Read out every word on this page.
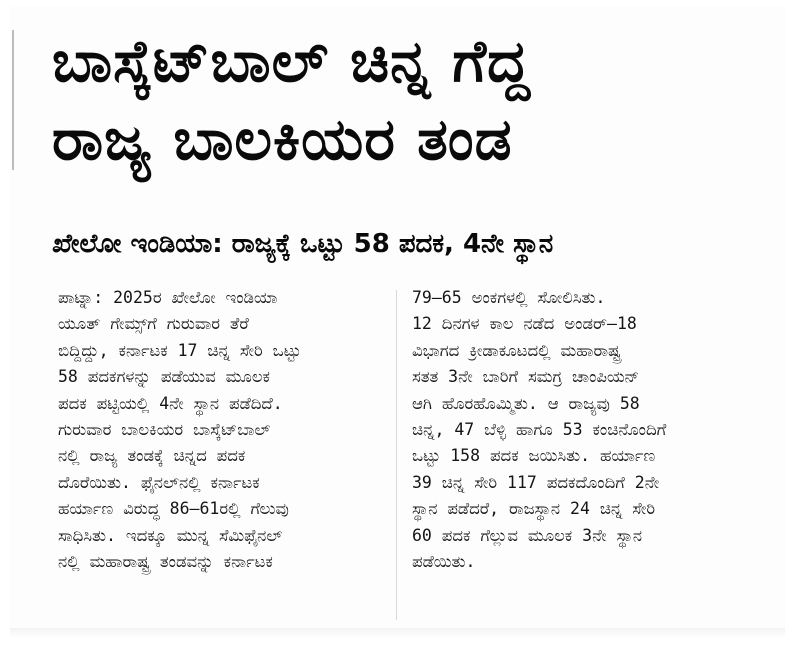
ಬಾಸ್ಕೆಟ್‌ಬಾಲ್ ಚಿನ್ನ ಗೆದ್ದ
ರಾಜ್ಯ ಬಾಲಕಿಯರ ತಂಡ
ಖೇಲೋ ಇಂಡಿಯಾ: ರಾಜ್ಯಕ್ಕೆ ಒಟ್ಟು 58 ಪದಕ, 4ನೇ ಸ್ಥಾನ
ಪಾಟ್ನಾ: 2025ರ ಖೇಲೋ ಇಂಡಿಯಾ
ಯೂತ್ ಗೇಮ್ಸ್‌ಗೆ ಗುರುವಾರ ತೆರೆ
ಬಿದ್ದಿದ್ದು, ಕರ್ನಾಟಕ 17 ಚಿನ್ನ ಸೇರಿ ಒಟ್ಟು
58 ಪದಕಗಳನ್ನು ಪಡೆಯುವ ಮೂಲಕ
ಪದಕ ಪಟ್ಟಿಯಲ್ಲಿ 4ನೇ ಸ್ಥಾನ ಪಡೆದಿದೆ.
ಗುರುವಾರ ಬಾಲಕಿಯರ ಬಾಸ್ಕೆಟ್‌ಬಾಲ್
ನಲ್ಲಿ ರಾಜ್ಯ ತಂಡಕ್ಕೆ ಚಿನ್ನದ ಪದಕ
ದೊರೆಯಿತು. ಫೈನಲ್‌ನಲ್ಲಿ ಕರ್ನಾಟಕ
ಹರ್ಯಾಣ ವಿರುದ್ಧ 86–61ರಲ್ಲಿ ಗೆಲುವು
ಸಾಧಿಸಿತು. ಇದಕ್ಕೂ ಮುನ್ನ ಸೆಮಿಫೈನಲ್
ನಲ್ಲಿ ಮಹಾರಾಷ್ಟ್ರ ತಂಡವನ್ನು ಕರ್ನಾಟಕ
79–65 ಅಂಕಗಳಲ್ಲಿ ಸೋಲಿಸಿತು.
12 ದಿನಗಳ ಕಾಲ ನಡೆದ ಅಂಡರ್–18
ವಿಭಾಗದ ಕ್ರೀಡಾಕೂಟದಲ್ಲಿ ಮಹಾರಾಷ್ಟ್ರ
ಸತತ 3ನೇ ಬಾರಿಗೆ ಸಮಗ್ರ ಚಾಂಪಿಯನ್
ಆಗಿ ಹೊರಹೊಮ್ಮಿತು. ಆ ರಾಜ್ಯವು 58
ಚಿನ್ನ, 47 ಬೆಳ್ಳಿ ಹಾಗೂ 53 ಕಂಚಿನೊಂದಿಗೆ
ಒಟ್ಟು 158 ಪದಕ ಜಯಿಸಿತು. ಹರ್ಯಾಣ
39 ಚಿನ್ನ ಸೇರಿ 117 ಪದಕದೊಂದಿಗೆ 2ನೇ
ಸ್ಥಾನ ಪಡೆದರೆ, ರಾಜಸ್ಥಾನ 24 ಚಿನ್ನ ಸೇರಿ
60 ಪದಕ ಗೆಲ್ಲುವ ಮೂಲಕ 3ನೇ ಸ್ಥಾನ
ಪಡೆಯಿತು.
